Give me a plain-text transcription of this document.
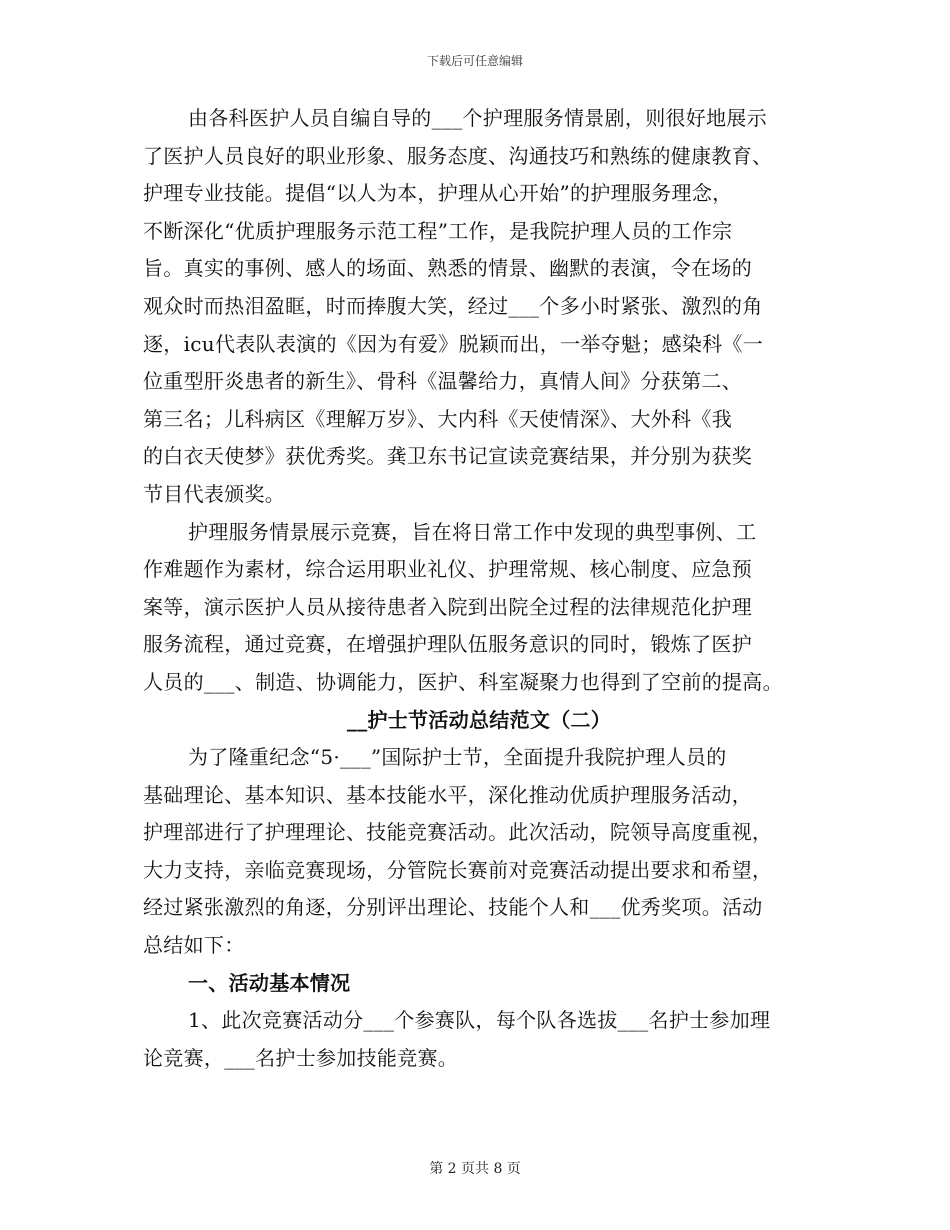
下载后可任意编辑
由各科医护人员自编自导的___个护理服务情景剧，则很好地展示
了医护人员良好的职业形象、服务态度、沟通技巧和熟练的健康教育、
护理专业技能。提倡“以人为本，护理从心开始”的护理服务理念，
不断深化“优质护理服务示范工程”工作，是我院护理人员的工作宗
旨。真实的事例、感人的场面、熟悉的情景、幽默的表演，令在场的
观众时而热泪盈眶，时而捧腹大笑，经过___个多小时紧张、激烈的角
逐，icu代表队表演的《因为有爱》脱颖而出，一举夺魁；感染科《一
位重型肝炎患者的新生》、骨科《温馨给力，真情人间》分获第二、
第三名；儿科病区《理解万岁》、大内科《天使情深》、大外科《我
的白衣天使梦》获优秀奖。龚卫东书记宣读竞赛结果，并分别为获奖
节目代表颁奖。
护理服务情景展示竞赛，旨在将日常工作中发现的典型事例、工
作难题作为素材，综合运用职业礼仪、护理常规、核心制度、应急预
案等，演示医护人员从接待患者入院到出院全过程的法律规范化护理
服务流程，通过竞赛，在增强护理队伍服务意识的同时，锻炼了医护
人员的___、制造、协调能力，医护、科室凝聚力也得到了空前的提高。
__护士节活动总结范文（二）
为了隆重纪念“5·___”国际护士节，全面提升我院护理人员的
基础理论、基本知识、基本技能水平，深化推动优质护理服务活动，
护理部进行了护理理论、技能竞赛活动。此次活动，院领导高度重视，
大力支持，亲临竞赛现场，分管院长赛前对竞赛活动提出要求和希望，
经过紧张激烈的角逐，分别评出理论、技能个人和___优秀奖项。活动
总结如下：
一、活动基本情况
1、此次竞赛活动分___个参赛队，每个队各选拔___名护士参加理
论竞赛，___名护士参加技能竞赛。
第 2 页共 8 页
